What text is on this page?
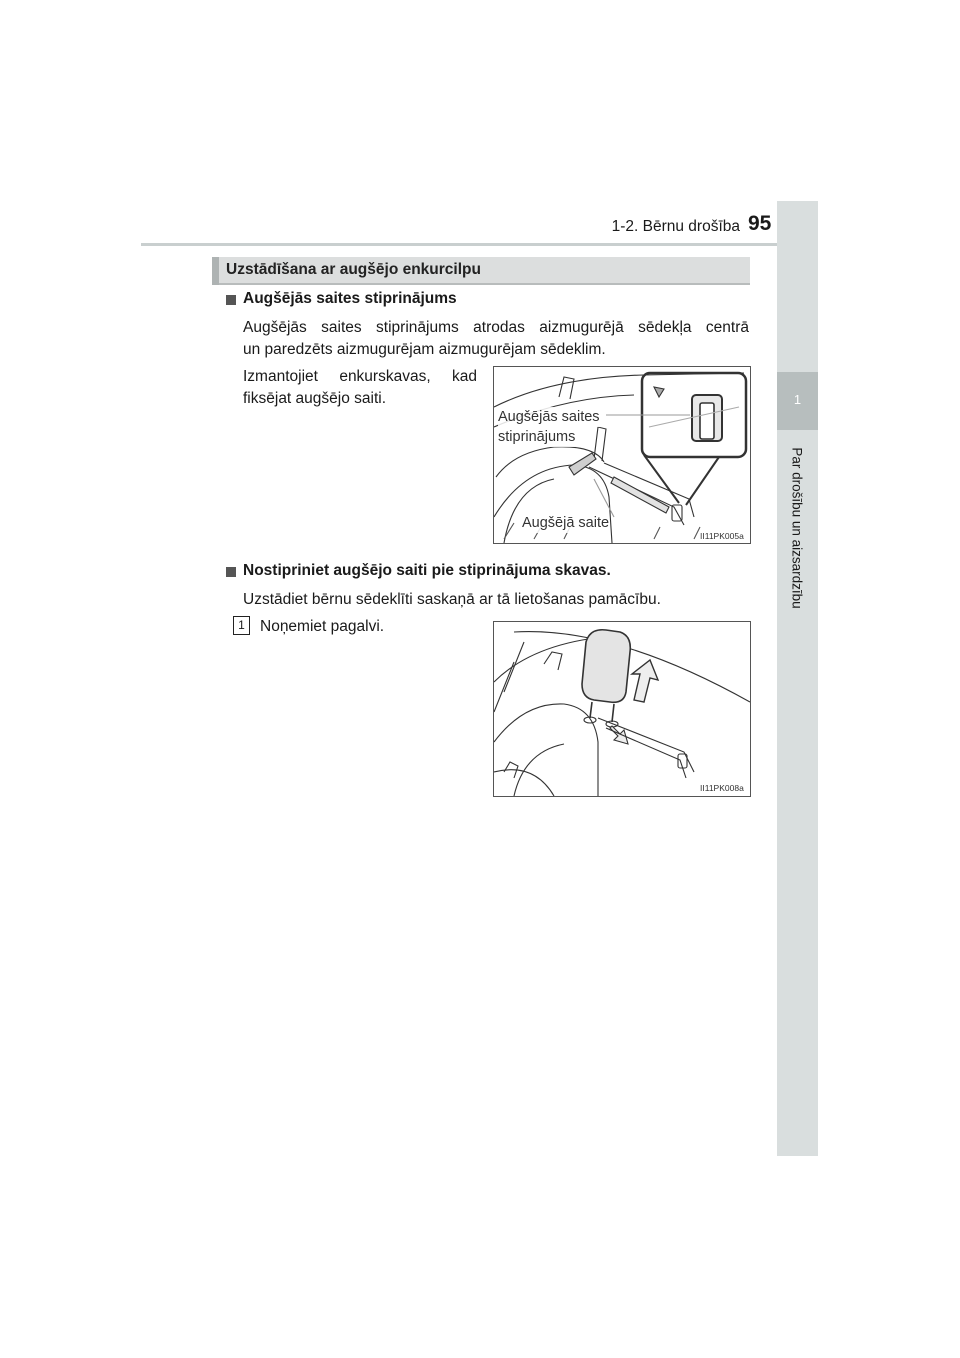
1-2. Bērnu drošība 95
1
Par drošību un aizsardzību
Uzstādīšana ar augšējo enkurcilpu
Augšējās saites stiprinājums
Augšējās saites stiprinājums atrodas aizmugurējā sēdekļa centrā
un paredzēts aizmugurējam aizmugurējam sēdeklim.
Izmantojiet enkurskavas, kad
fiksējat augšējo saiti.
Augšējās saites
stiprinājums
Augšējā saite
II11PK005a
Nostipriniet augšējo saiti pie stiprinājuma skavas.
Uzstādiet bērnu sēdeklīti saskaņā ar tā lietošanas pamācību.
1 Noņemiet pagalvi.
II11PK008a
